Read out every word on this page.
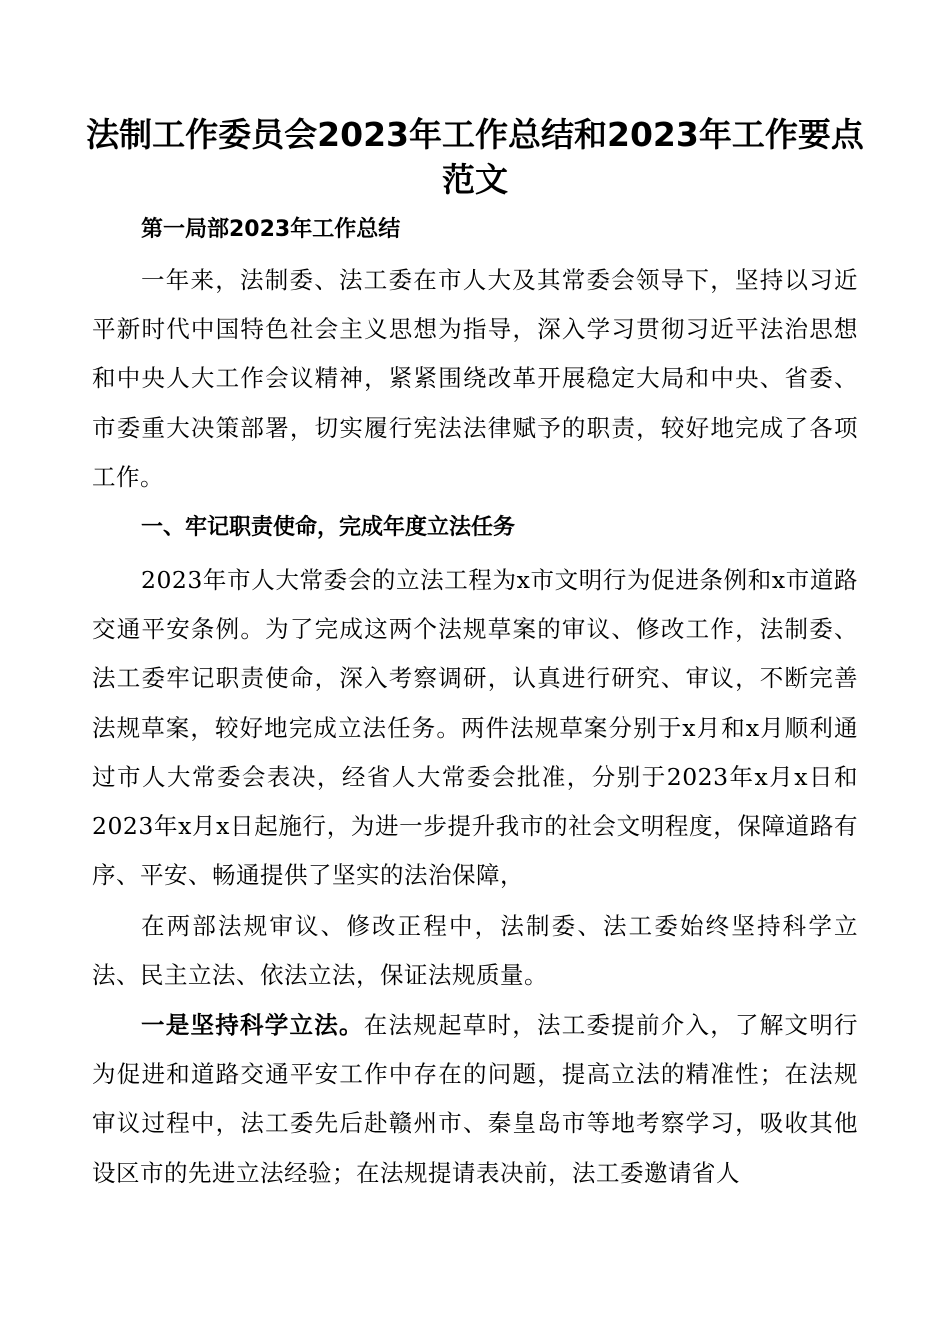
法制工作委员会2023年工作总结和2023年工作要点范文

第一局部2023年工作总结

一年来，法制委、法工委在市人大及其常委会领导下，坚持以习近平新时代中国特色社会主义思想为指导，深入学习贯彻习近平法治思想和中央人大工作会议精神，紧紧围绕改革开展稳定大局和中央、省委、市委重大决策部署，切实履行宪法法律赋予的职责，较好地完成了各项工作。

一、牢记职责使命，完成年度立法任务

2023年市人大常委会的立法工程为x市文明行为促进条例和x市道路交通平安条例。为了完成这两个法规草案的审议、修改工作，法制委、法工委牢记职责使命，深入考察调研，认真进行研究、审议，不断完善法规草案，较好地完成立法任务。两件法规草案分别于x月和x月顺利通过市人大常委会表决，经省人大常委会批准，分别于2023年x月x日和2023年x月x日起施行，为进一步提升我市的社会文明程度，保障道路有序、平安、畅通提供了坚实的法治保障，

在两部法规审议、修改正程中，法制委、法工委始终坚持科学立法、民主立法、依法立法，保证法规质量。

一是坚持科学立法。在法规起草时，法工委提前介入，了解文明行为促进和道路交通平安工作中存在的问题，提高立法的精准性；在法规审议过程中，法工委先后赴赣州市、秦皇岛市等地考察学习，吸收其他设区市的先进立法经验；在法规提请表决前，法工委邀请省人
